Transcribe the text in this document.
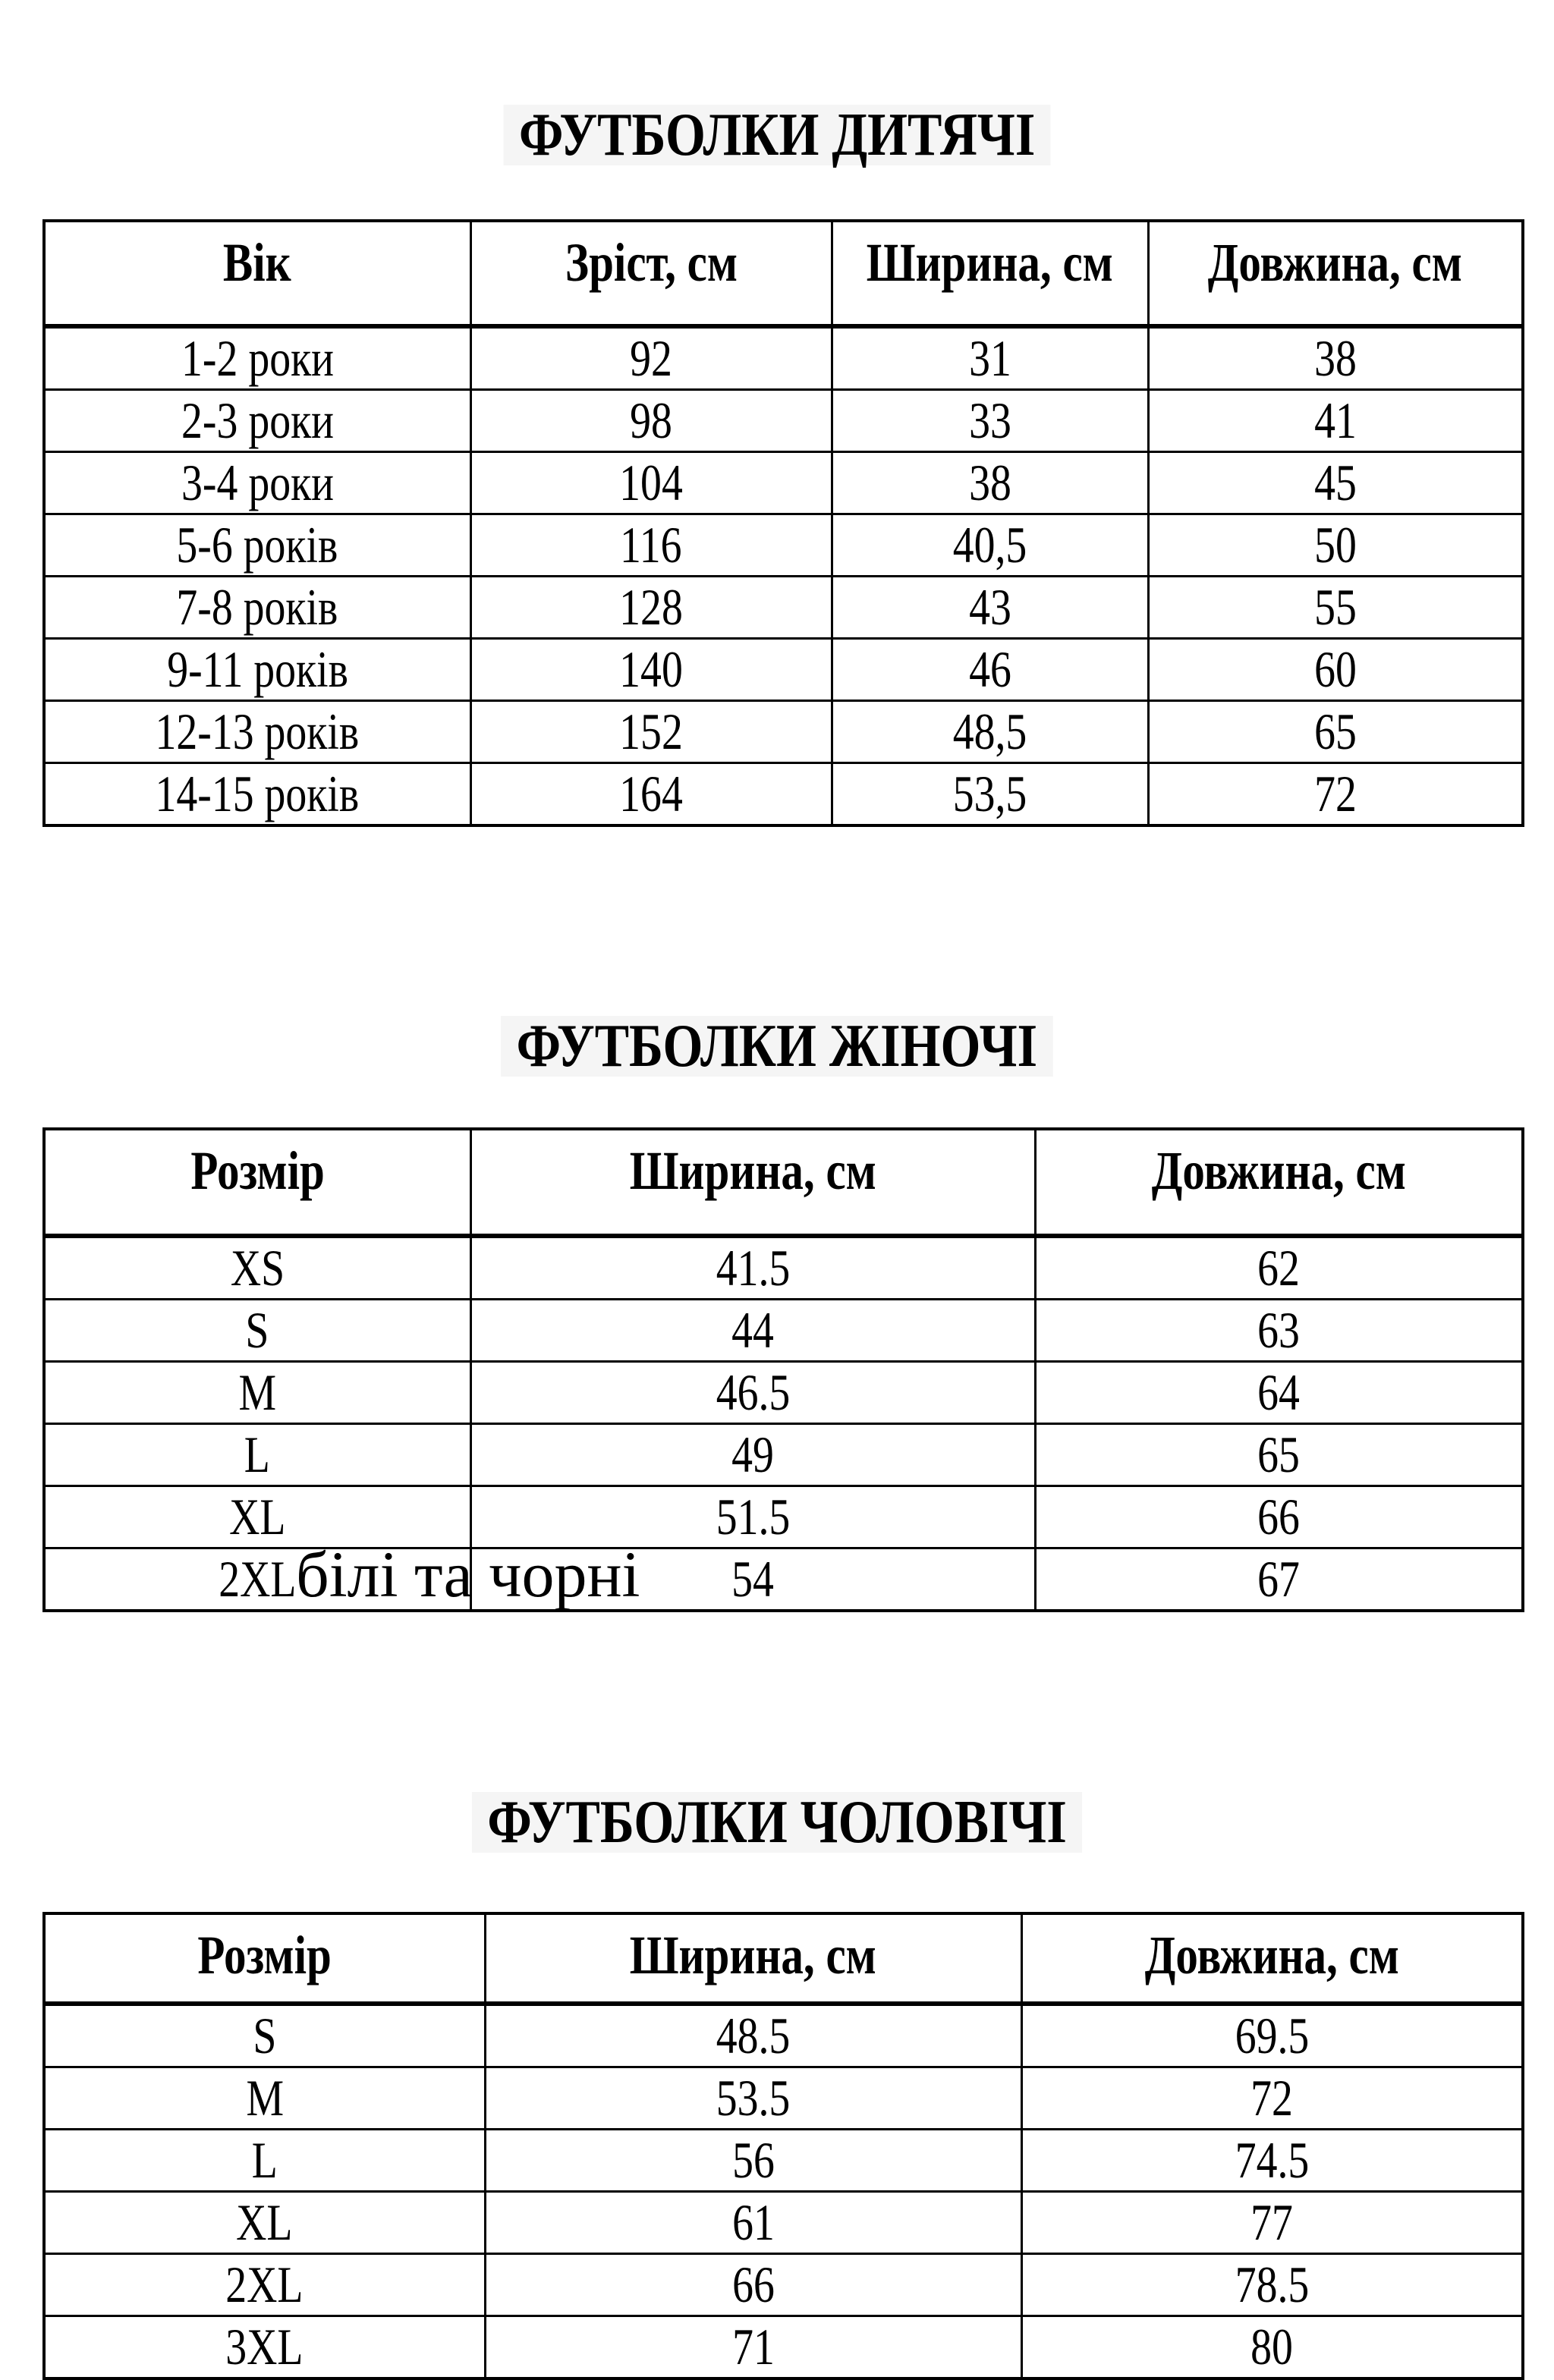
ФУТБОЛКИ ДИТЯЧІ
Вік	Зріст, см	Ширина, см	Довжина, см
1-2 роки	92	31	38
2-3 роки	98	33	41
3-4 роки	104	38	45
5-6 років	116	40,5	50
7-8 років	128	43	55
9-11 років	140	46	60
12-13 років	152	48,5	65
14-15 років	164	53,5	72
ФУТБОЛКИ ЖІНОЧІ
Розмір	Ширина, см	Довжина, см
XS	41.5	62
S	44	63
M	46.5	64
L	49	65
XL	51.5	66
2XL білі та чорні	54	67
ФУТБОЛКИ ЧОЛОВІЧІ
Розмір	Ширина, см	Довжина, см
S	48.5	69.5
M	53.5	72
L	56	74.5
XL	61	77
2XL	66	78.5
3XL	71	80
